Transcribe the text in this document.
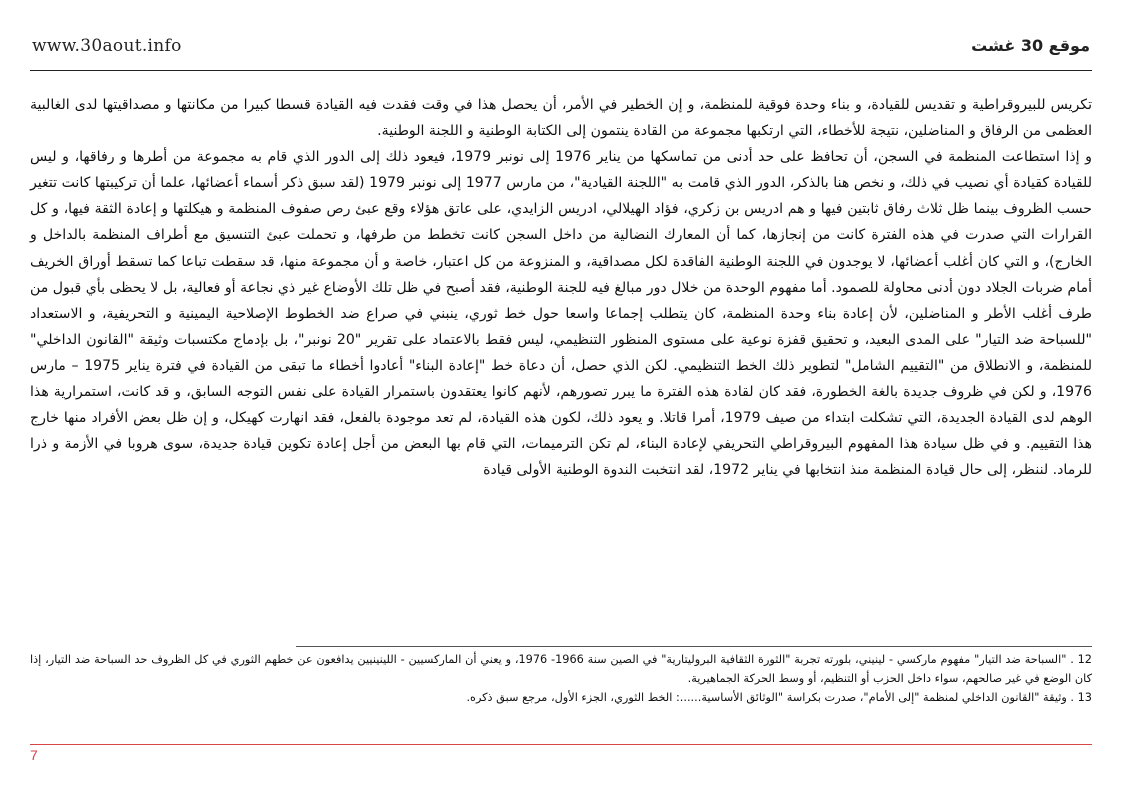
www.30aout.info	موقع 30 غشت

تكريس للبيروقراطية و تقديس للقيادة، و بناء وحدة فوقية للمنظمة، و إن الخطير في الأمر، أن يحصل هذا في وقت فقدت فيه القيادة قسطا كبيرا من مكانتها و مصداقيتها لدى الغالبية العظمى من الرفاق و المناضلين، نتيجة للأخطاء، التي ارتكبها مجموعة من القادة ينتمون إلى الكتابة الوطنية و اللجنة الوطنية.

و إذا استطاعت المنظمة في السجن، أن تحافظ على حد أدنى من تماسكها من يناير 1976 إلى نونبر 1979، فيعود ذلك إلى الدور الذي قام به مجموعة من أطرها و رفاقها، و ليس للقيادة كقيادة أي نصيب في ذلك، و نخص هنا بالذكر، الدور الذي قامت به "اللجنة القيادية"، من مارس 1977 إلى نونبر 1979 (لقد سبق ذكر أسماء أعضائها، علما أن تركيبتها كانت تتغير حسب الظروف بينما ظل ثلاث رفاق ثابتين فيها و هم ادريس بن زكري، فؤاد الهيلالي، ادريس الزايدي، على عاتق هؤلاء وقع عبئ رص صفوف المنظمة و هيكلتها و إعادة الثقة فيها، و كل القرارات التي صدرت في هذه الفترة كانت من إنجازها، كما أن المعارك النضالية من داخل السجن كانت تخطط من طرفها، و تحملت عبئ التنسيق مع أطراف المنظمة بالداخل و الخارج)، و التي كان أغلب أعضائها، لا يوجدون في اللجنة الوطنية الفاقدة لكل مصداقية، و المنزوعة من كل اعتبار، خاصة و أن مجموعة منها، قد سقطت تباعا كما تسقط أوراق الخريف أمام ضربات الجلاد دون أدنى محاولة للصمود. أما مفهوم الوحدة من خلال دور مبالغ فيه للجنة الوطنية، فقد أصبح في ظل تلك الأوضاع غير ذي نجاعة أو فعالية، بل لا يحظى بأي قبول من طرف أغلب الأطر و المناضلين، لأن إعادة بناء وحدة المنظمة، كان يتطلب إجماعا واسعا حول خط ثوري، ينبني في صراع ضد الخطوط الإصلاحية اليمينية و التحريفية، و الاستعداد "للسباحة ضد التيار" على المدى البعيد، و تحقيق قفزة نوعية على مستوى المنظور التنظيمي، ليس فقط بالاعتماد على تقرير "20 نونبر"، بل بإدماج مكتسبات وثيقة "القانون الداخلي" للمنظمة، و الانطلاق من "التقييم الشامل" لتطوير ذلك الخط التنظيمي. لكن الذي حصل، أن دعاة خط "إعادة البناء" أعادوا أخطاء ما تبقى من القيادة في فترة يناير 1975 – مارس 1976، و لكن في ظروف جديدة بالغة الخطورة، فقد كان لقادة هذه الفترة ما يبرر تصورهم، لأنهم كانوا يعتقدون باستمرار القيادة على نفس التوجه السابق، و قد كانت، استمرارية هذا الوهم لدى القيادة الجديدة، التي تشكلت ابتداء من صيف 1979، أمرا قاتلا. و يعود ذلك، لكون هذه القيادة، لم تعد موجودة بالفعل، فقد انهارت كهيكل، و إن ظل بعض الأفراد منها خارج هذا التقييم. و في ظل سيادة هذا المفهوم البيروقراطي التحريفي لإعادة البناء، لم تكن الترميمات، التي قام بها البعض من أجل إعادة تكوين قيادة جديدة، سوى هروبا في الأزمة و ذرا للرماد. لننظر، إلى حال قيادة المنظمة منذ انتخابها في يناير 1972، لقد انتخبت الندوة الوطنية الأولى قيادة

12 . "السباحة ضد التيار" مفهوم ماركسي - لينيني، بلورته تجربة "الثورة الثقافية البروليتارية" في الصين سنة 1966- 1976، و يعني أن الماركسيين - اللينينيين يدافعون عن خطهم الثوري في كل الظروف حد السباحة ضد التيار، إذا كان الوضع في غير صالحهم، سواء داخل الحزب أو التنظيم، أو وسط الحركة الجماهيرية.

13 . وثيقة "القانون الداخلي لمنظمة "إلى الأمام"، صدرت بكراسة "الوثائق الأساسية......: الخط الثوري، الجزء الأول، مرجع سبق ذكره.

7
